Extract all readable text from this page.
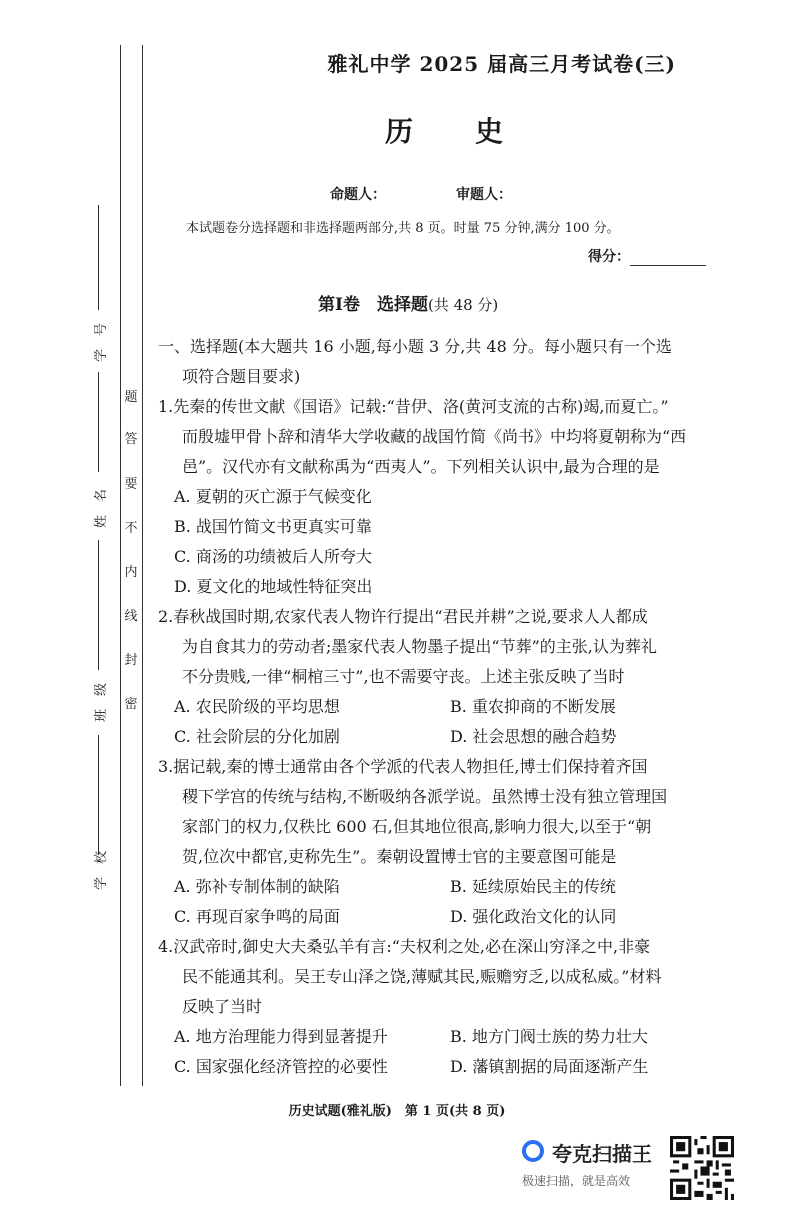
题
答
要
不
内
线
封
密
学　号
姓　名
班　级
学　校
雅礼中学 2025 届高三月考试卷(三)
历史
命题人：	审题人：
本试题卷分选择题和非选择题两部分,共 8 页。时量 75 分钟,满分 100 分。
得分：
第Ⅰ卷　选择题(共 48 分)
一、选择题(本大题共 16 小题,每小题 3 分,共 48 分。每小题只有一个选
项符合题目要求)
1.先秦的传世文献《国语》记载:“昔伊、洛(黄河支流的古称)竭,而夏亡。”
而殷墟甲骨卜辞和清华大学收藏的战国竹简《尚书》中均将夏朝称为“西
邑”。汉代亦有文献称禹为“西夷人”。下列相关认识中,最为合理的是
A. 夏朝的灭亡源于气候变化
B. 战国竹简文书更真实可靠
C. 商汤的功绩被后人所夸大
D. 夏文化的地域性特征突出
2.春秋战国时期,农家代表人物许行提出“君民并耕”之说,要求人人都成
为自食其力的劳动者;墨家代表人物墨子提出“节葬”的主张,认为葬礼
不分贵贱,一律“桐棺三寸”,也不需要守丧。上述主张反映了当时
A. 农民阶级的平均思想	B. 重农抑商的不断发展
C. 社会阶层的分化加剧	D. 社会思想的融合趋势
3.据记载,秦的博士通常由各个学派的代表人物担任,博士们保持着齐国
稷下学宫的传统与结构,不断吸纳各派学说。虽然博士没有独立管理国
家部门的权力,仅秩比 600 石,但其地位很高,影响力很大,以至于“朝
贺,位次中都官,吏称先生”。秦朝设置博士官的主要意图可能是
A. 弥补专制体制的缺陷	B. 延续原始民主的传统
C. 再现百家争鸣的局面	D. 强化政治文化的认同
4.汉武帝时,御史大夫桑弘羊有言:“夫权利之处,必在深山穷泽之中,非豪
民不能通其利。吴王专山泽之饶,薄赋其民,赈赡穷乏,以成私威。”材料
反映了当时
A. 地方治理能力得到显著提升	B. 地方门阀士族的势力壮大
C. 国家强化经济管控的必要性	D. 藩镇割据的局面逐渐产生
历史试题(雅礼版)　第 1 页(共 8 页)
夸克扫描王
极速扫描，就是高效
